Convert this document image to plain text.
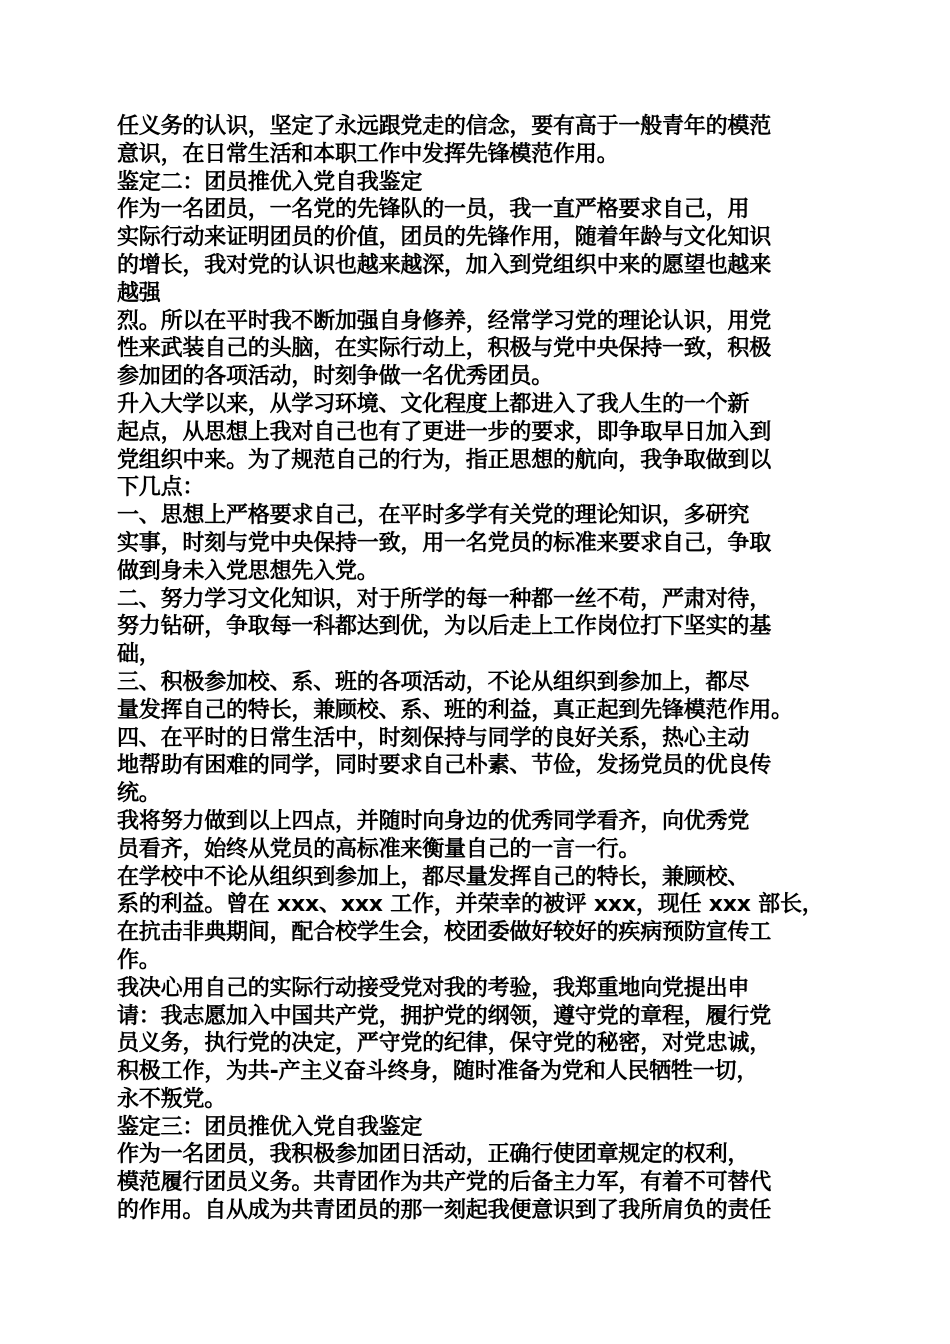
任义务的认识，坚定了永远跟党走的信念，要有高于一般青年的模范
意识，在日常生活和本职工作中发挥先锋模范作用。
鉴定二：团员推优入党自我鉴定
作为一名团员，一名党的先锋队的一员，我一直严格要求自己，用
实际行动来证明团员的价值，团员的先锋作用，随着年龄与文化知识
的增长，我对党的认识也越来越深，加入到党组织中来的愿望也越来
越强
烈。所以在平时我不断加强自身修养，经常学习党的理论认识，用党
性来武装自己的头脑，在实际行动上，积极与党中央保持一致，积极
参加团的各项活动，时刻争做一名优秀团员。
升入大学以来，从学习环境、文化程度上都进入了我人生的一个新
起点，从思想上我对自己也有了更进一步的要求，即争取早日加入到
党组织中来。为了规范自己的行为，指正思想的航向，我争取做到以
下几点：
一、思想上严格要求自己，在平时多学有关党的理论知识，多研究
实事，时刻与党中央保持一致，用一名党员的标准来要求自己，争取
做到身未入党思想先入党。
二、努力学习文化知识，对于所学的每一种都一丝不苟，严肃对待，
努力钻研，争取每一科都达到优，为以后走上工作岗位打下坚实的基
础，
三、积极参加校、系、班的各项活动，不论从组织到参加上，都尽
量发挥自己的特长，兼顾校、系、班的利益，真正起到先锋模范作用。
四、在平时的日常生活中，时刻保持与同学的良好关系，热心主动
地帮助有困难的同学，同时要求自己朴素、节俭，发扬党员的优良传
统。
我将努力做到以上四点，并随时向身边的优秀同学看齐，向优秀党
员看齐，始终从党员的高标准来衡量自己的一言一行。
在学校中不论从组织到参加上，都尽量发挥自己的特长，兼顾校、
系的利益。曾在 xxx、xxx 工作，并荣幸的被评 xxx，现任 xxx 部长，
在抗击非典期间，配合校学生会，校团委做好较好的疾病预防宣传工
作。
我决心用自己的实际行动接受党对我的考验，我郑重地向党提出申
请：我志愿加入中国共产党，拥护党的纲领，遵守党的章程，履行党
员义务，执行党的决定，严守党的纪律，保守党的秘密，对党忠诚，
积极工作，为共-产主义奋斗终身，随时准备为党和人民牺牲一切，
永不叛党。
鉴定三：团员推优入党自我鉴定
作为一名团员，我积极参加团日活动，正确行使团章规定的权利，
模范履行团员义务。共青团作为共产党的后备主力军，有着不可替代
的作用。自从成为共青团员的那一刻起我便意识到了我所肩负的责任
